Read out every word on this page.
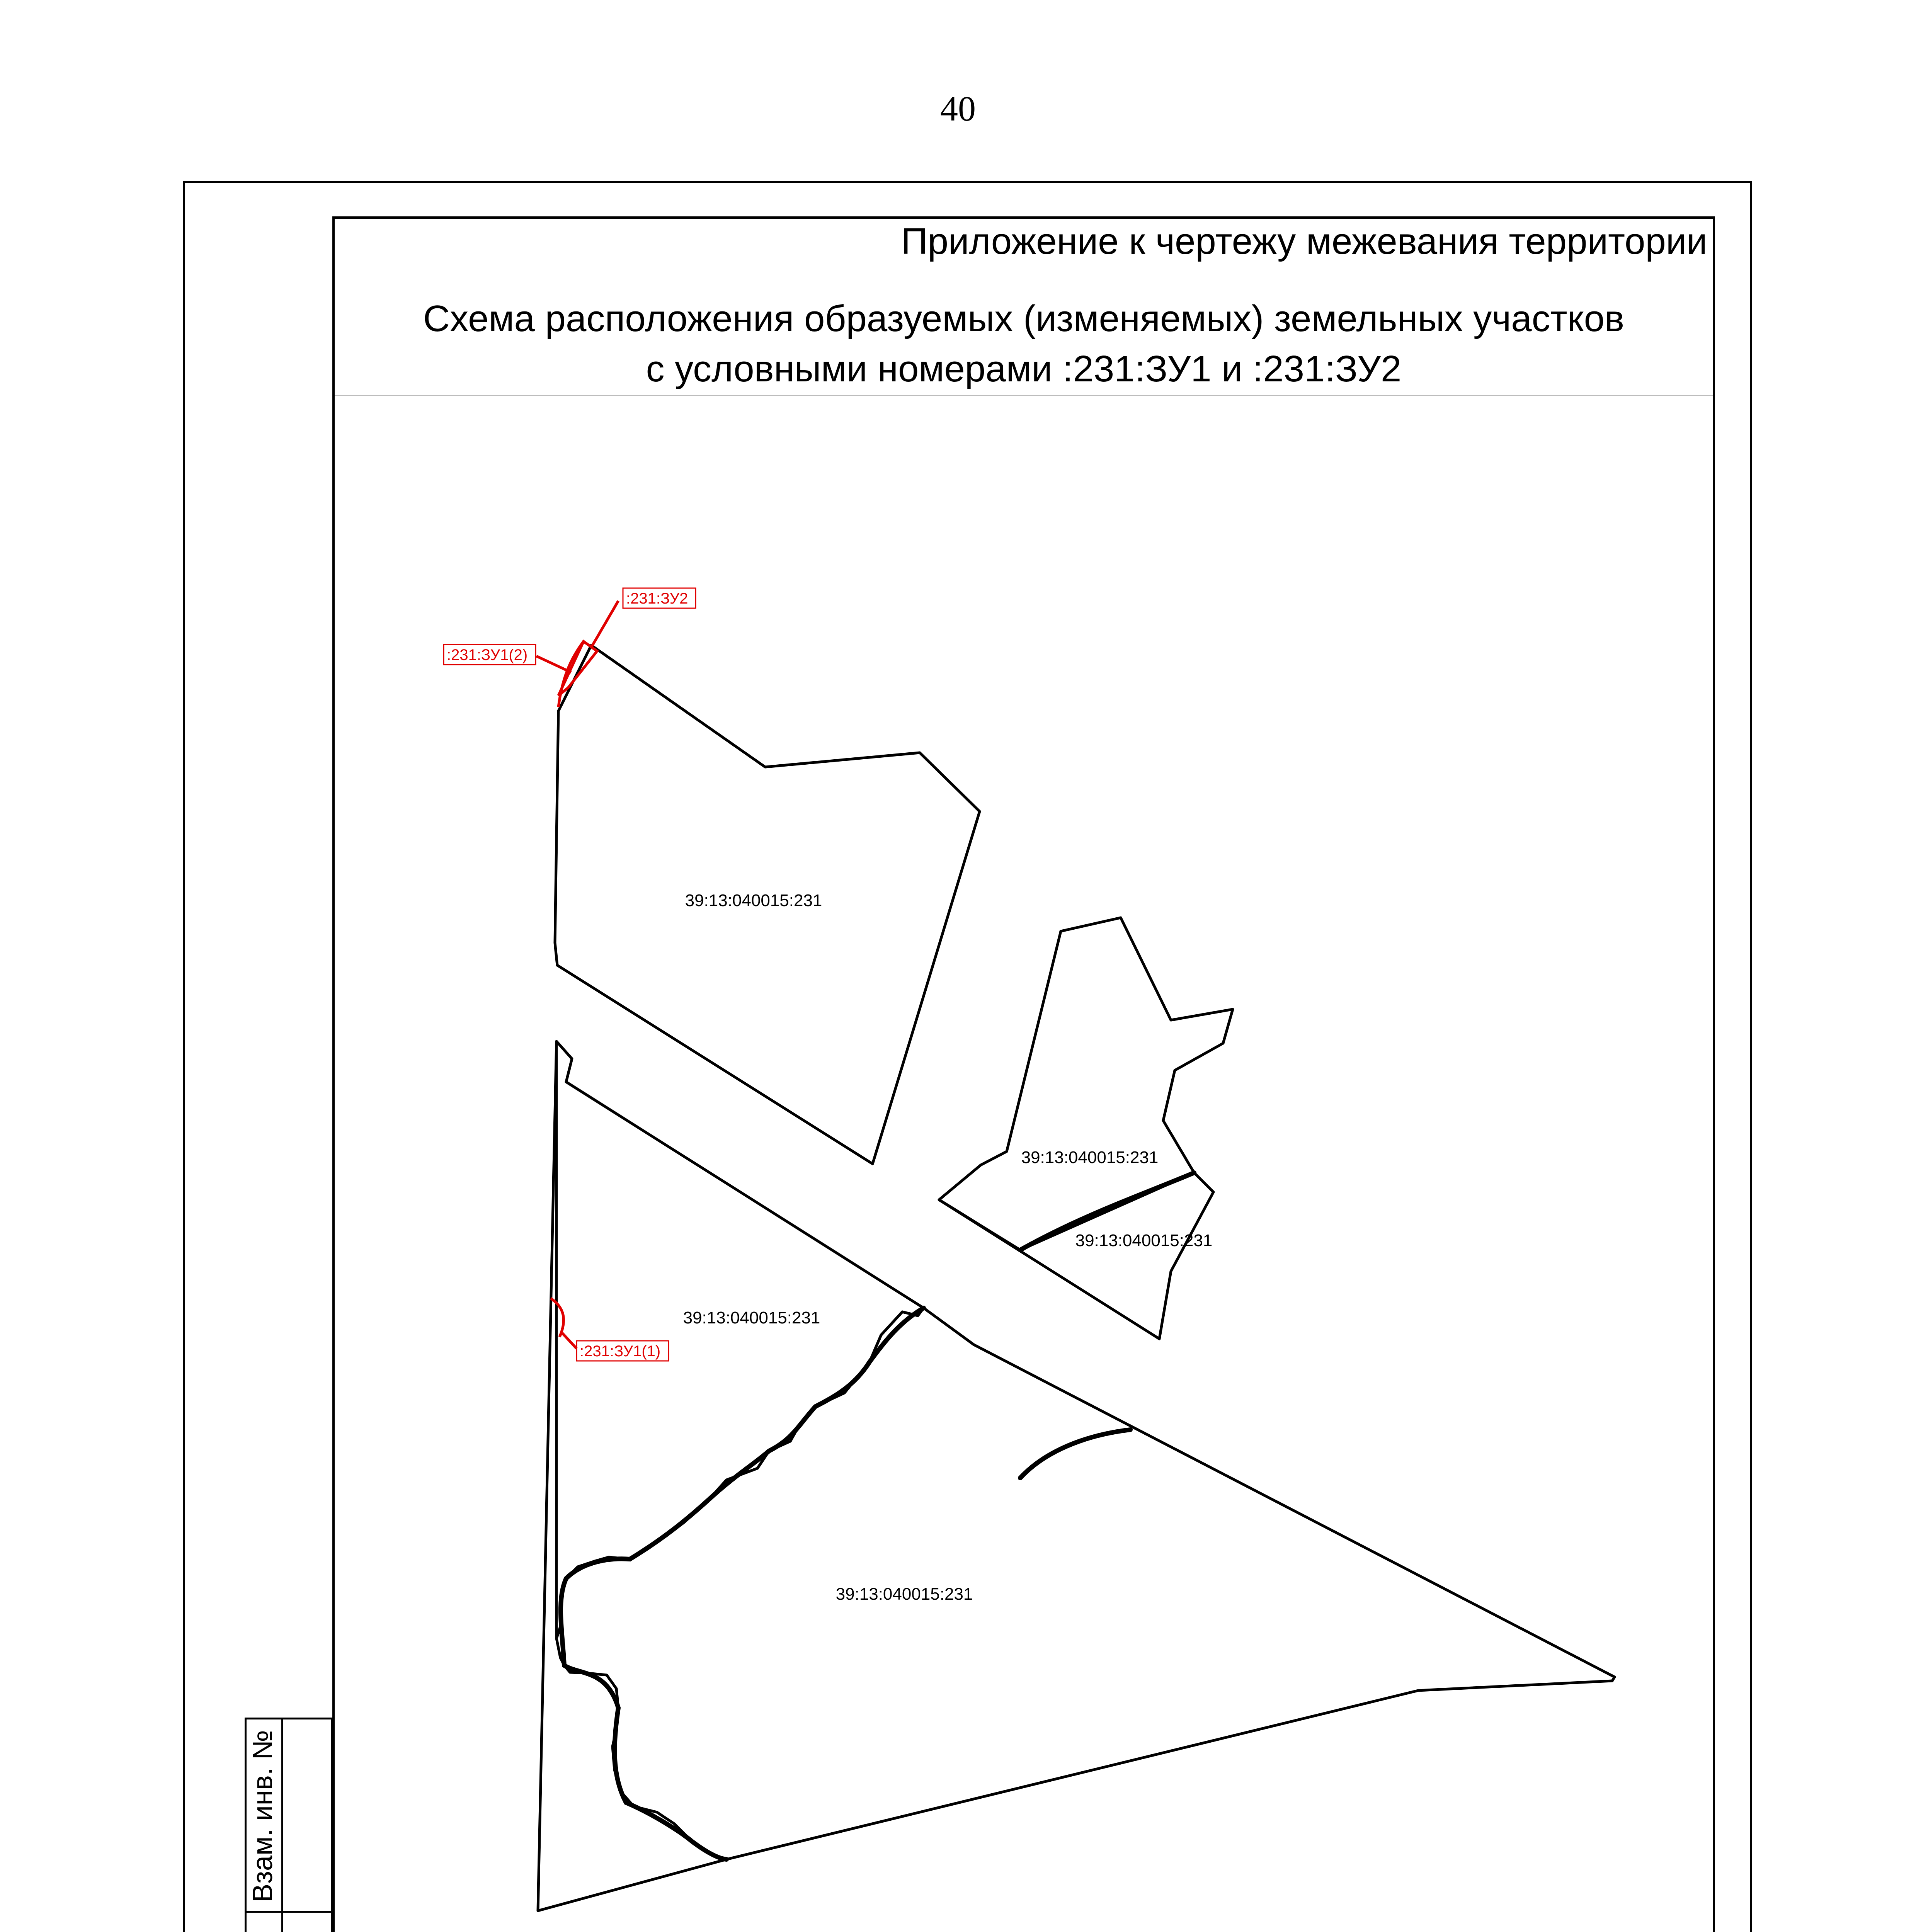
40
Приложение к чертежу межевания территории
Схема расположения образуемых (изменяемых) земельных участков
с условными номерами :231:ЗУ1 и :231:ЗУ2
39:13:040015:231
39:13:040015:231
39:13:040015:231
39:13:040015:231
39:13:040015:231
:231:ЗУ2
:231:ЗУ1(2)
:231:ЗУ1(1)
Взам. инв. №
